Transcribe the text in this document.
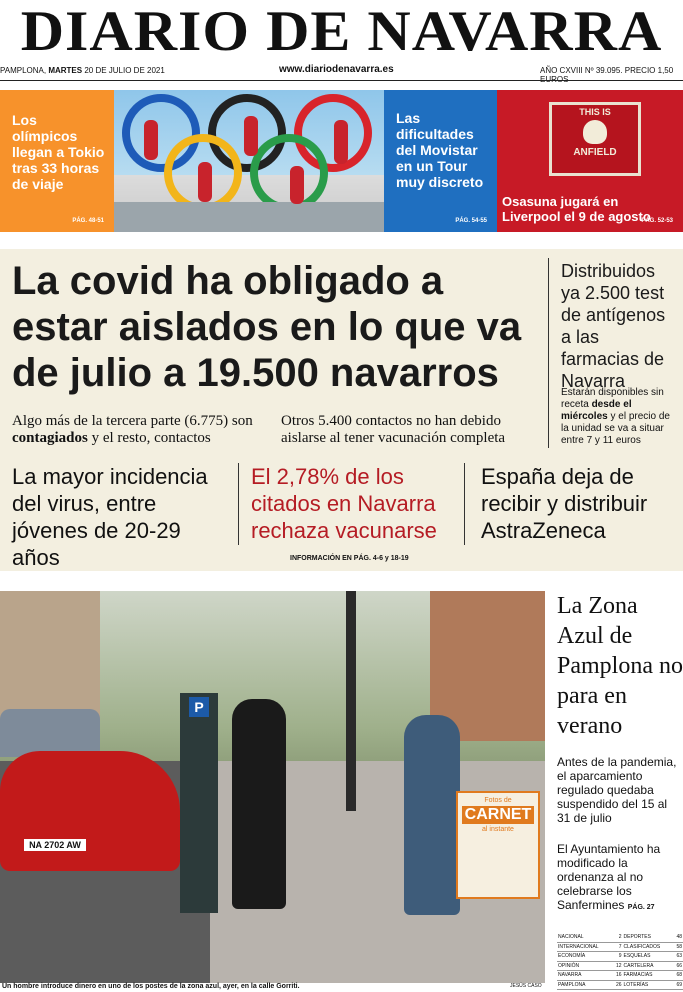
DIARIO DE NAVARRA
PAMPLONA, MARTES 20 DE JULIO DE 2021	www.diariodenavarra.es	AÑO CXVIII Nº 39.095. PRECIO 1,50
Los olímpicos llegan a Tokio tras 33 horas de viaje
PÁG. 48-51
Las dificultades del Movistar en un Tour muy discreto
PÁG. 54-55
THIS IS
ANFIELD
Osasuna jugará en Liverpool el 9 de agosto
PÁG. 52-53
La covid ha obligado a estar aislados en lo que va de julio a 19.500 navarros
Algo más de la tercera parte (6.775) son contagiados y el resto, contactos
Otros 5.400 contactos no han debido aislarse al tener vacunación completa
Distribuidos ya 2.500 test de antígenos a las farmacias de Navarra
Estarán disponibles sin receta desde el miércoles y el precio de la unidad se va a situar entre 7 y 11 euros
La mayor incidencia del virus, entre jóvenes de 20-29 años
El 2,78% de los citados en Navarra rechaza vacunarse
España deja de recibir y distribuir AstraZeneca
INFORMACIÓN EN PÁG. 4-6 y 18-19
NA 2702 AW
P
Fotos de
CARNET
al instante
Un hombre introduce dinero en uno de los postes de la zona azul, ayer, en la calle Gorriti.	JESÚS CASO
La Zona Azul de Pamplona no para en verano
Antes de la pandemia, el aparcamiento regulado quedaba suspendido del 15 al 31 de julio
El Ayuntamiento ha modificado la ordenanza al no celebrarse los Sanfermines PÁG. 27
NACIONAL	2	DEPORTES	48
INTERNACIONAL	7	CLASIFICADOS	58
ECONOMÍA	9	ESQUELAS	63
OPINIÓN	12	CARTELERA	66
NAVARRA	16	FARMACIAS	68
PAMPLONA	26	LOTERÍAS	69
